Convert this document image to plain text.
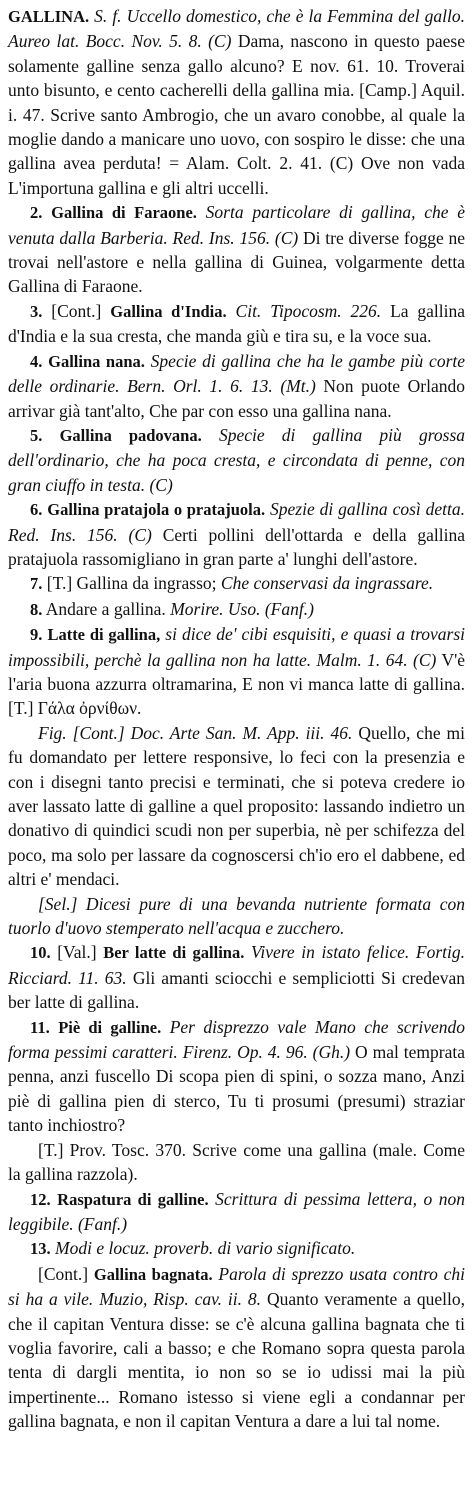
GALLINA. S. f. Uccello domestico, che è la Femmina del gallo. Aureo lat. Bocc. Nov. 5. 8. (C) Dama, nascono in questo paese solamente galline senza gallo alcuno? E nov. 61. 10. Troverai unto bisunto, e cento cacherelli della gallina mia. [Camp.] Aquil. i. 47. Scrive santo Ambrogio, che un avaro conobbe, al quale la moglie dando a manicare uno uovo, con sospiro le disse: che una gallina avea perduta! = Alam. Colt. 2. 41. (C) Ove non vada L'importuna gallina e gli altri uccelli.

2. Gallina di Faraone. Sorta particolare di gallina, che è venuta dalla Barberia. Red. Ins. 156. (C) Di tre diverse fogge ne trovai nell'astore e nella gallina di Guinea, volgarmente detta Gallina di Faraone.

3. [Cont.] Gallina d'India. Cit. Tipocosm. 226. La gallina d'India e la sua cresta, che manda giù e tira su, e la voce sua.

4. Gallina nana. Specie di gallina che ha le gambe più corte delle ordinarie. Bern. Orl. 1. 6. 13. (Mt.) Non puote Orlando arrivar già tant'alto, Che par con esso una gallina nana.

5. Gallina padovana. Specie di gallina più grossa dell'ordinario, che ha poca cresta, e circondata di penne, con gran ciuffo in testa. (C)

6. Gallina pratajola o pratajuola. Spezie di gallina così detta. Red. Ins. 156. (C) Certi pollini dell'ottarda e della gallina pratajuola rassomigliano in gran parte a' lunghi dell'astore.

7. [T.] Gallina da ingrasso; Che conservasi da ingrassare.

8. Andare a gallina. Morire. Uso. (Fanf.)

9. Latte di gallina, si dice de' cibi esquisiti, e quasi a trovarsi impossibili, perchè la gallina non ha latte. Malm. 1. 64. (C) V'è l'aria buona azzurra oltramarina, E non vi manca latte di gallina. [T.] Γάλα ὀρνίθων.

Fig. [Cont.] Doc. Arte San. M. App. iii. 46. Quello, che mi fu domandato per lettere responsive, lo feci con la presenzia e con i disegni tanto precisi e terminati, che si poteva credere io aver lassato latte di galline a quel proposito: lassando indietro un donativo di quindici scudi non per superbia, nè per schifezza del poco, ma solo per lassare da cognoscersi ch'io ero el dabbene, ed altri e' mendaci.

[Sel.] Dicesi pure di una bevanda nutriente formata con tuorlo d'uovo stemperato nell'acqua e zucchero.

10. [Val.] Ber latte di gallina. Vivere in istato felice. Fortig. Ricciard. 11. 63. Gli amanti sciocchi e sempliciotti Si credevan ber latte di gallina.

11. Piè di galline. Per disprezzo vale Mano che scrivendo forma pessimi caratteri. Firenz. Op. 4. 96. (Gh.) O mal temprata penna, anzi fuscello Di scopa pien di spini, o sozza mano, Anzi piè di gallina pien di sterco, Tu ti prosumi (presumi) straziar tanto inchiostro?

[T.] Prov. Tosc. 370. Scrive come una gallina (male. Come la gallina razzola).

12. Raspatura di galline. Scrittura di pessima lettera, o non leggibile. (Fanf.)

13. Modi e locuz. proverb. di vario significato.

[Cont.] Gallina bagnata. Parola di sprezzo usata contro chi si ha a vile. Muzio, Risp. cav. ii. 8. Quanto veramente a quello, che il capitan Ventura disse: se c'è alcuna gallina bagnata che ti voglia favorire, cali a basso; e che Romano sopra questa parola tenta di dargli mentita, io non so se io udissi mai la più impertinente... Romano istesso si viene egli a condannar per gallina bagnata, e non il capitan Ventura a dare a lui tal nome.
